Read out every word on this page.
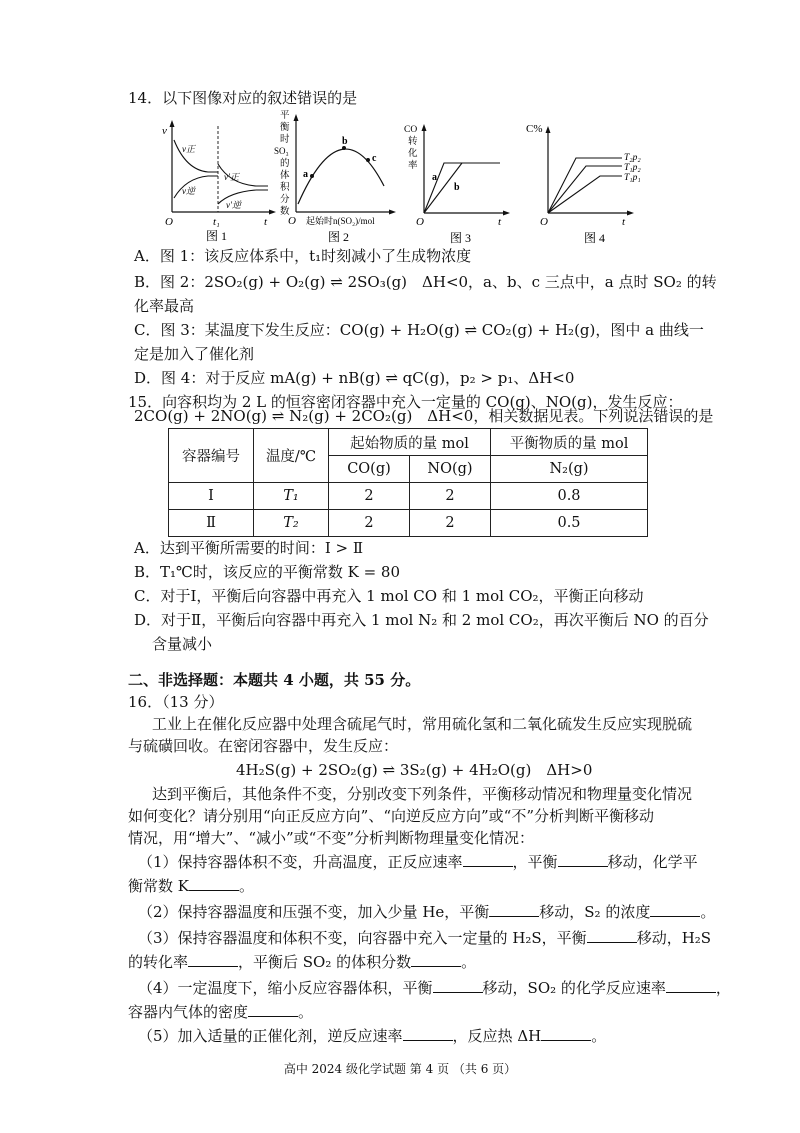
14．以下图像对应的叙述错误的是
v
v正
v逆
v′正
v′逆
O	t₁	t
图 1
平
衡
时
SO₃
的
体
积
分
数
a
b
c
O 起始时n(SO₂)/mol
图 2
CO
转
化
率
a
b
O	t
图 3
C%
T₂p₂
T₁p₂
T₁p₁
O	t
图 4
A．图 1：该反应体系中，t₁时刻减小了生成物浓度
B．图 2：2SO₂(g) + O₂(g) ⇌ 2SO₃(g)　ΔH<0，a、b、c 三点中，a 点时 SO₂ 的转
化率最高
C．图 3：某温度下发生反应：CO(g) + H₂O(g) ⇌ CO₂(g) + H₂(g)，图中 a 曲线一
定是加入了催化剂
D．图 4：对于反应 mA(g) + nB(g) ⇌ qC(g)，p₂ > p₁、ΔH<0
15．向容积均为 2 L 的恒容密闭容器中充入一定量的 CO(g)、NO(g)，发生反应：
2CO(g) + 2NO(g) ⇌ N₂(g) + 2CO₂(g)　ΔH<0，相关数据见表。下列说法错误的是
容器编号	温度/℃	起始物质的量 mol		平衡物质的量 mol
		CO(g)	NO(g)	N₂(g)
Ⅰ	T₁	2	2	0.8
Ⅱ	T₂	2	2	0.5
A．达到平衡所需要的时间：Ⅰ > Ⅱ
B．T₁℃时，该反应的平衡常数 K = 80
C．对于Ⅰ，平衡后向容器中再充入 1 mol CO 和 1 mol CO₂，平衡正向移动
D．对于Ⅱ，平衡后向容器中再充入 1 mol N₂ 和 2 mol CO₂，再次平衡后 NO 的百分
含量减小
二、非选择题：本题共 4 小题，共 55 分。
16．（13 分）
工业上在催化反应器中处理含硫尾气时，常用硫化氢和二氧化硫发生反应实现脱硫
与硫磺回收。在密闭容器中，发生反应：
4H₂S(g) + 2SO₂(g) ⇌ 3S₂(g) + 4H₂O(g)　ΔH>0
达到平衡后，其他条件不变，分别改变下列条件，平衡移动情况和物理量变化情况
如何变化？请分别用“向正反应方向”、“向逆反应方向”或“不”分析判断平衡移动
情况，用“增大”、“减小”或“不变”分析判断物理量变化情况：
（1）保持容器体积不变，升高温度，正反应速率	，平衡	移动，化学平
衡常数 K	。
（2）保持容器温度和压强不变，加入少量 He，平衡	移动，S₂ 的浓度	。
（3）保持容器温度和体积不变，向容器中充入一定量的 H₂S，平衡	移动，H₂S
的转化率	，平衡后 SO₂ 的体积分数	。
（4）一定温度下，缩小反应容器体积，平衡	移动，SO₂ 的化学反应速率	，
容器内气体的密度	。
（5）加入适量的正催化剂，逆反应速率	，反应热 ΔH	。
高中 2024 级化学试题 第 4 页 （共 6 页）
